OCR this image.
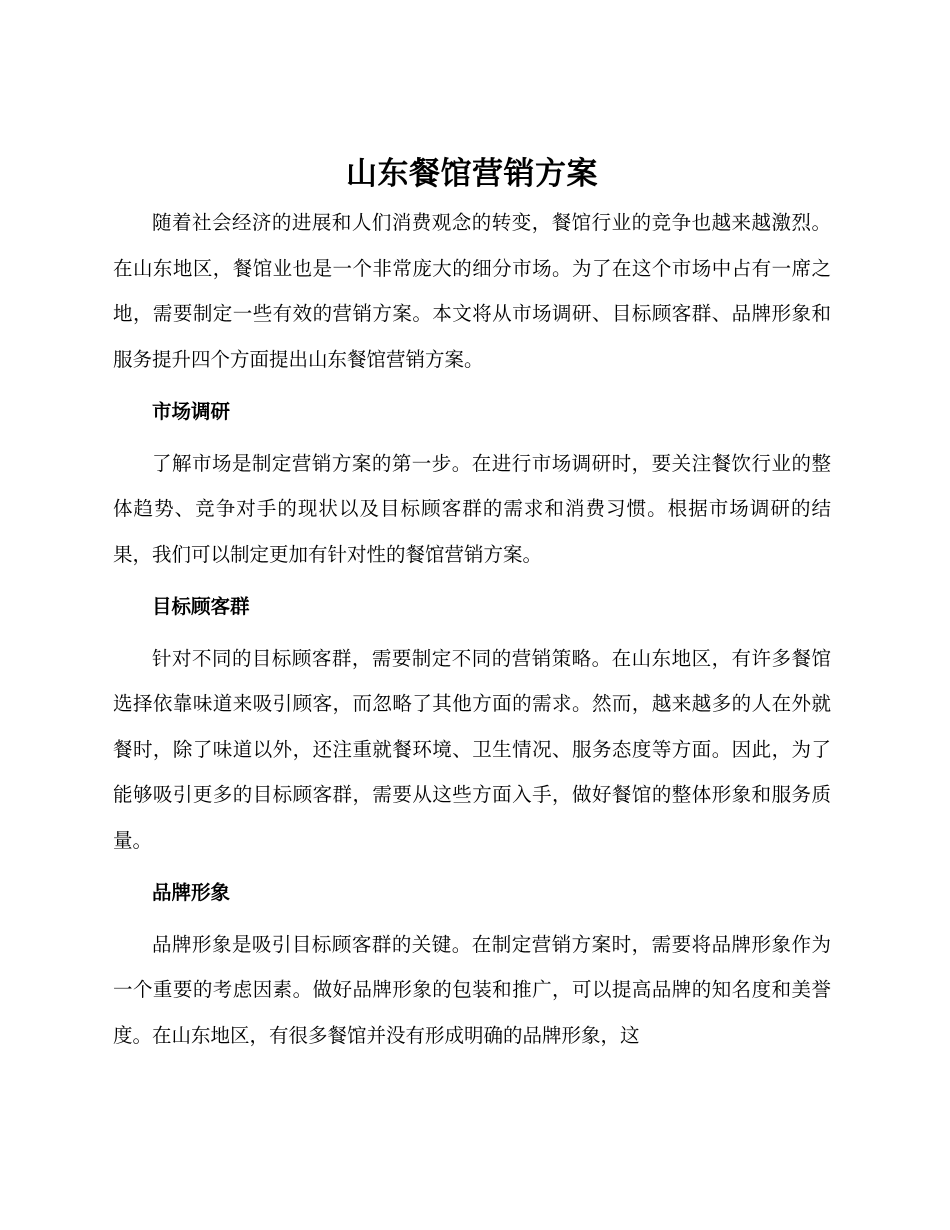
山东餐馆营销方案

随着社会经济的进展和人们消费观念的转变，餐馆行业的竞争也越来越激烈。在山东地区，餐馆业也是一个非常庞大的细分市场。为了在这个市场中占有一席之地，需要制定一些有效的营销方案。本文将从市场调研、目标顾客群、品牌形象和服务提升四个方面提出山东餐馆营销方案。

市场调研

了解市场是制定营销方案的第一步。在进行市场调研时，要关注餐饮行业的整体趋势、竞争对手的现状以及目标顾客群的需求和消费习惯。根据市场调研的结果，我们可以制定更加有针对性的餐馆营销方案。

目标顾客群

针对不同的目标顾客群，需要制定不同的营销策略。在山东地区，有许多餐馆选择依靠味道来吸引顾客，而忽略了其他方面的需求。然而，越来越多的人在外就餐时，除了味道以外，还注重就餐环境、卫生情况、服务态度等方面。因此，为了能够吸引更多的目标顾客群，需要从这些方面入手，做好餐馆的整体形象和服务质量。

品牌形象

品牌形象是吸引目标顾客群的关键。在制定营销方案时，需要将品牌形象作为一个重要的考虑因素。做好品牌形象的包装和推广，可以提高品牌的知名度和美誉度。在山东地区，有很多餐馆并没有形成明确的品牌形象，这
